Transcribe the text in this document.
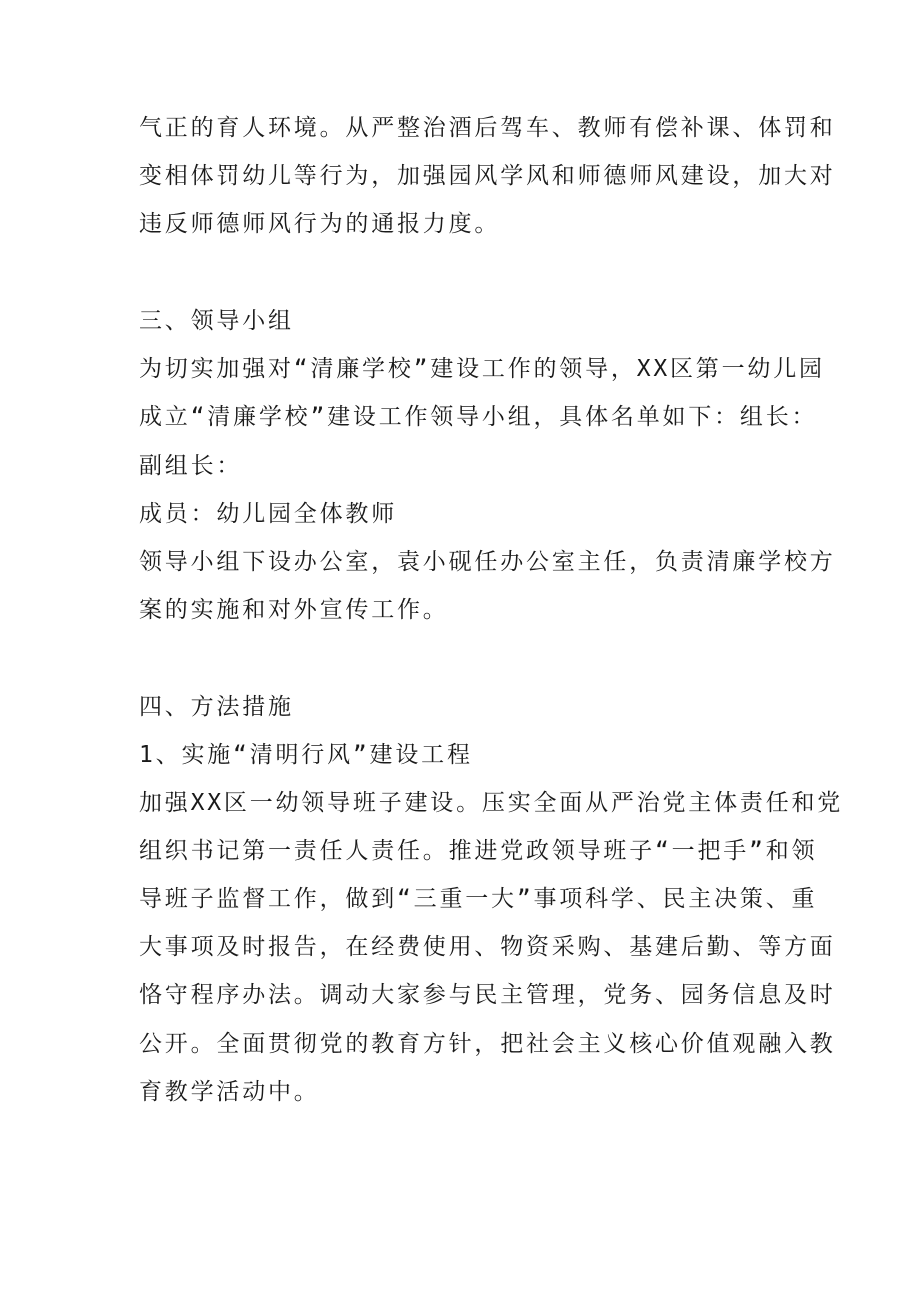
气正的育人环境。从严整治酒后驾车、教师有偿补课、体罚和
变相体罚幼儿等行为，加强园风学风和师德师风建设，加大对
违反师德师风行为的通报力度。
三、领导小组
为切实加强对“清廉学校”建设工作的领导，XX区第一幼儿园
成立“清廉学校”建设工作领导小组，具体名单如下：组长：
副组长：
成员：幼儿园全体教师
领导小组下设办公室，袁小砚任办公室主任，负责清廉学校方
案的实施和对外宣传工作。
四、方法措施
1、实施“清明行风”建设工程
加强XX区一幼领导班子建设。压实全面从严治党主体责任和党
组织书记第一责任人责任。推进党政领导班子“一把手”和领
导班子监督工作，做到“三重一大”事项科学、民主决策、重
大事项及时报告，在经费使用、物资采购、基建后勤、等方面
恪守程序办法。调动大家参与民主管理，党务、园务信息及时
公开。全面贯彻党的教育方针，把社会主义核心价值观融入教
育教学活动中。
